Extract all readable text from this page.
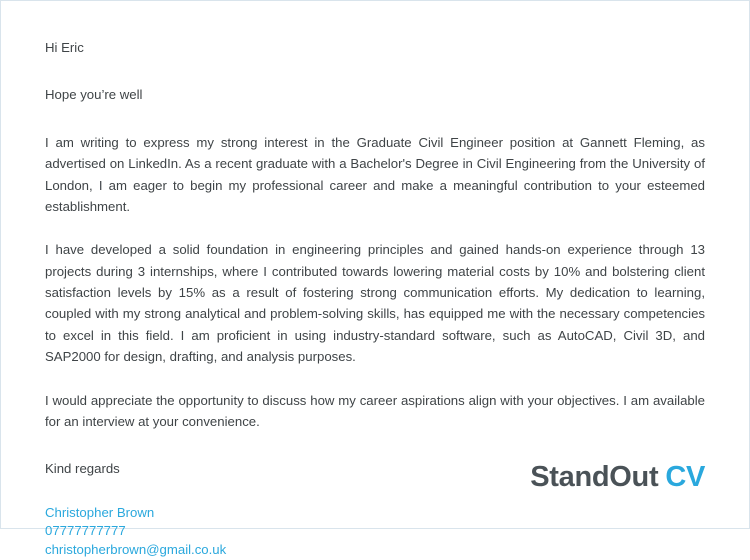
Hi Eric

Hope you’re well

I am writing to express my strong interest in the Graduate Civil Engineer position at Gannett Fleming, as advertised on LinkedIn. As a recent graduate with a Bachelor's Degree in Civil Engineering from the University of London, I am eager to begin my professional career and make a meaningful contribution to your esteemed establishment.

I have developed a solid foundation in engineering principles and gained hands-on experience through 13 projects during 3 internships, where I contributed towards lowering material costs by 10% and bolstering client satisfaction levels by 15% as a result of fostering strong communication efforts. My dedication to learning, coupled with my strong analytical and problem-solving skills, has equipped me with the necessary competencies to excel in this field. I am proficient in using industry-standard software, such as AutoCAD, Civil 3D, and SAP2000 for design, drafting, and analysis purposes.

I would appreciate the opportunity to discuss how my career aspirations align with your objectives. I am available for an interview at your convenience.

Kind regards

Christopher Brown
07777777777
christopherbrown@gmail.co.uk
StandOut CV
